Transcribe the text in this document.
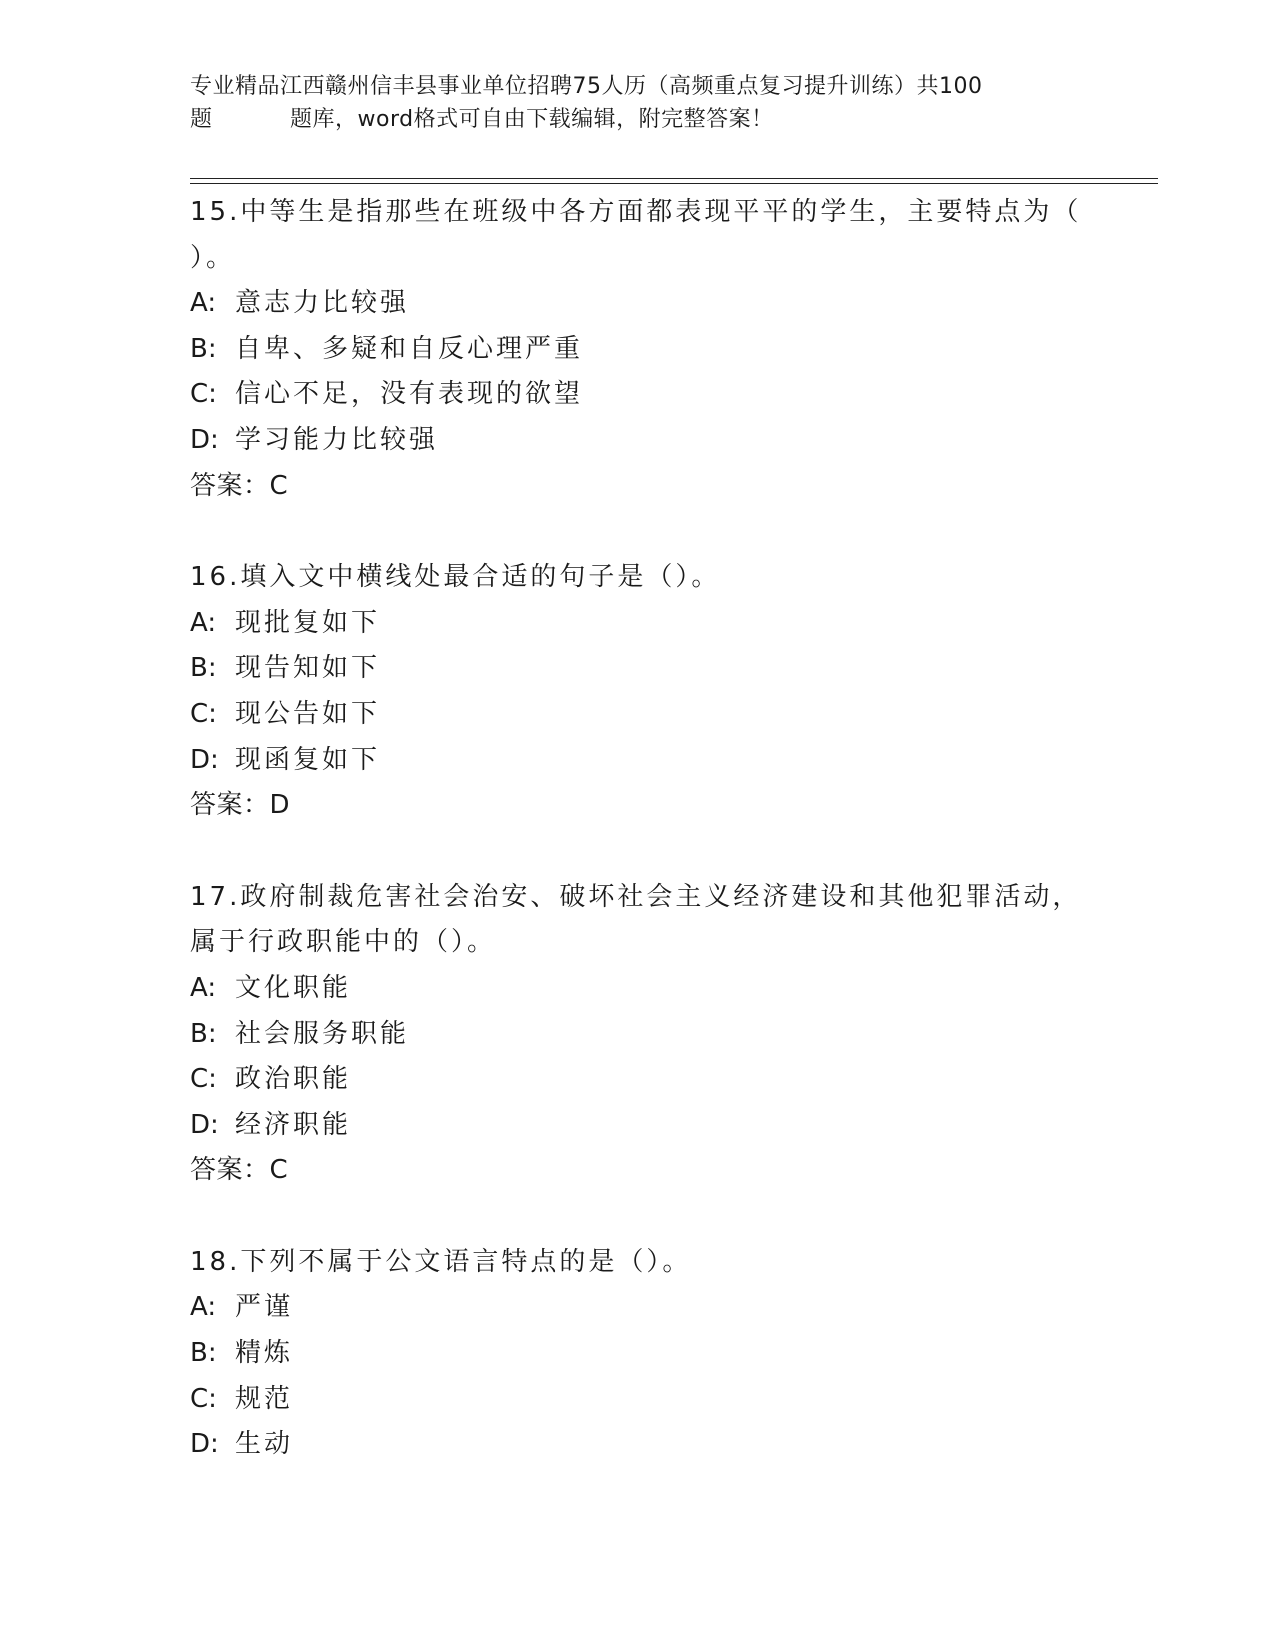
专业精品江西赣州信丰县事业单位招聘75人历（高频重点复习提升训练）共100
题	题库，word格式可自由下载编辑，附完整答案！
15.中等生是指那些在班级中各方面都表现平平的学生，主要特点为（
）。
A: 意志力比较强
B: 自卑、多疑和自反心理严重
C: 信心不足，没有表现的欲望
D: 学习能力比较强
答案：C
16.填入文中横线处最合适的句子是（）。
A: 现批复如下
B: 现告知如下
C: 现公告如下
D: 现函复如下
答案：D
17.政府制裁危害社会治安、破坏社会主义经济建设和其他犯罪活动，
属于行政职能中的（）。
A: 文化职能
B: 社会服务职能
C: 政治职能
D: 经济职能
答案：C
18.下列不属于公文语言特点的是（）。
A: 严谨
B: 精炼
C: 规范
D: 生动
